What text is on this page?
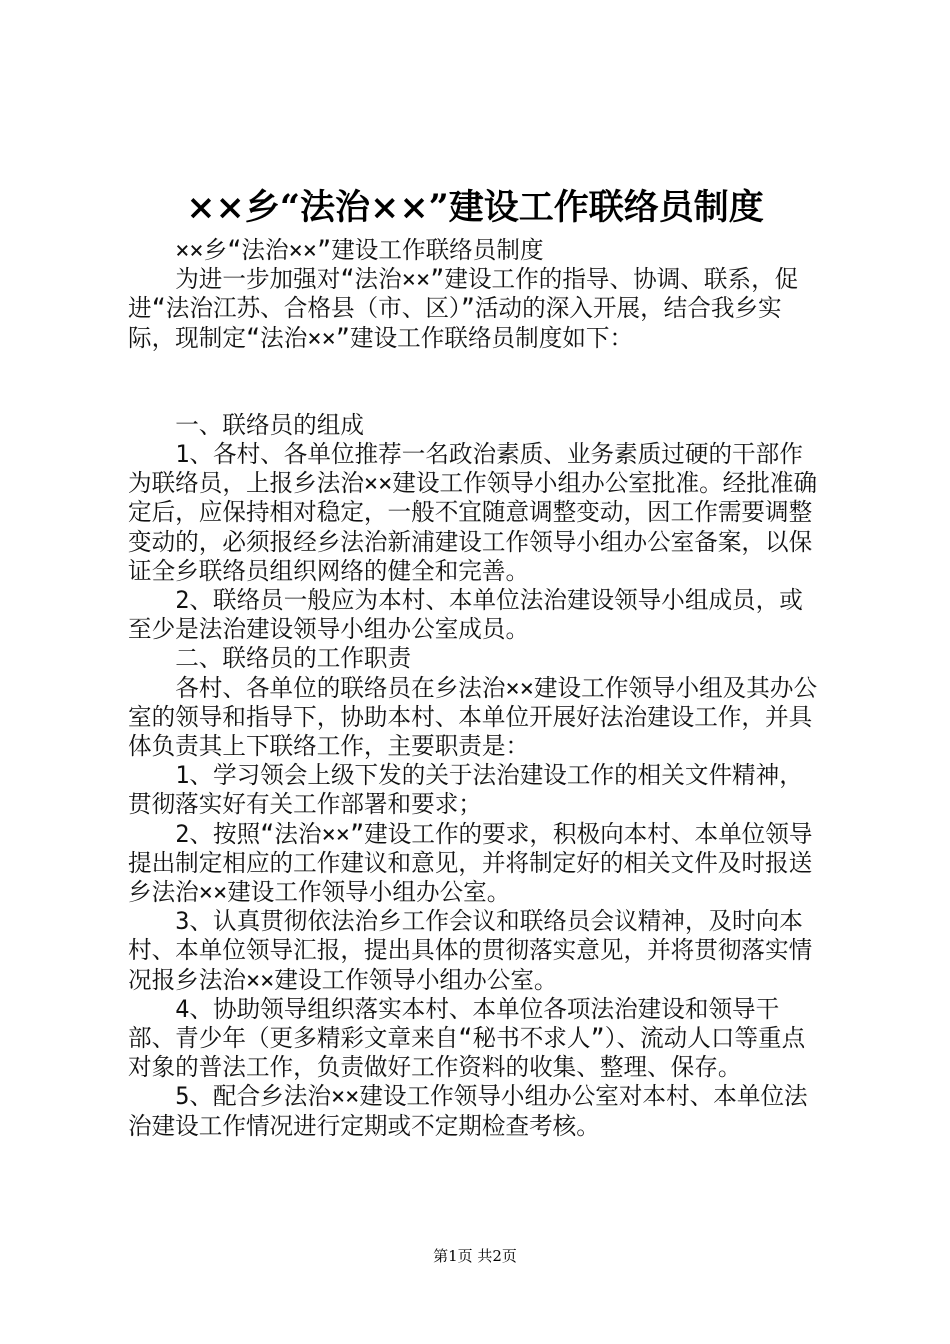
××乡“法治××”建设工作联络员制度

××乡“法治××”建设工作联络员制度

为进一步加强对“法治××”建设工作的指导、协调、联系，促进“法治江苏、合格县（市、区）”活动的深入开展，结合我乡实际，现制定“法治××”建设工作联络员制度如下：

一、联络员的组成

1、各村、各单位推荐一名政治素质、业务素质过硬的干部作为联络员，上报乡法治××建设工作领导小组办公室批准。经批准确定后，应保持相对稳定，一般不宜随意调整变动，因工作需要调整变动的，必须报经乡法治新浦建设工作领导小组办公室备案，以保证全乡联络员组织网络的健全和完善。

2、联络员一般应为本村、本单位法治建设领导小组成员，或至少是法治建设领导小组办公室成员。

二、联络员的工作职责

各村、各单位的联络员在乡法治××建设工作领导小组及其办公室的领导和指导下，协助本村、本单位开展好法治建设工作，并具体负责其上下联络工作，主要职责是：

1、学习领会上级下发的关于法治建设工作的相关文件精神，贯彻落实好有关工作部署和要求；

2、按照“法治××”建设工作的要求，积极向本村、本单位领导提出制定相应的工作建议和意见，并将制定好的相关文件及时报送乡法治××建设工作领导小组办公室。

3、认真贯彻依法治乡工作会议和联络员会议精神，及时向本村、本单位领导汇报，提出具体的贯彻落实意见，并将贯彻落实情况报乡法治××建设工作领导小组办公室。

4、协助领导组织落实本村、本单位各项法治建设和领导干部、青少年（更多精彩文章来自“秘书不求人”）、流动人口等重点对象的普法工作，负责做好工作资料的收集、整理、保存。

5、配合乡法治××建设工作领导小组办公室对本村、本单位法治建设工作情况进行定期或不定期检查考核。

第1页 共2页
